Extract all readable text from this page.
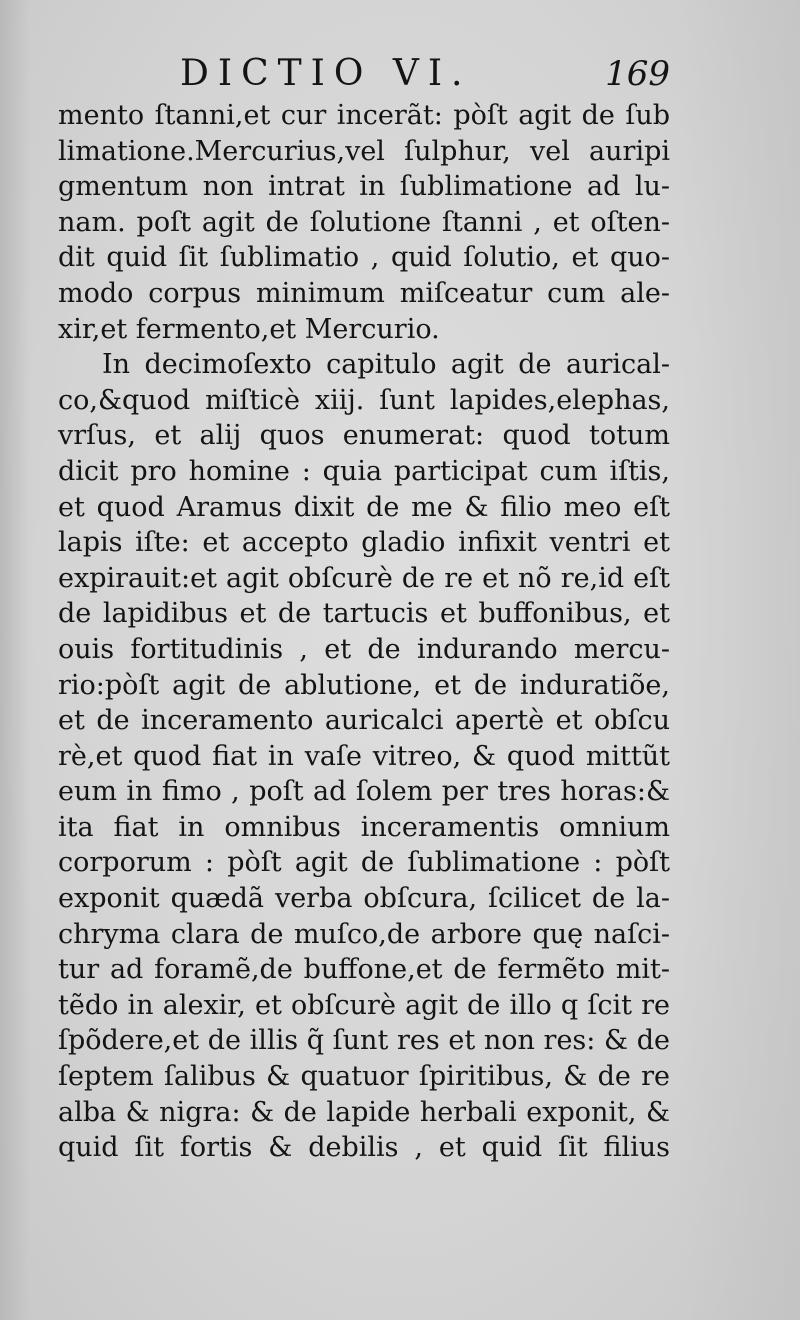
DICTIO VI.	169
mento ſtanni,et cur incerãt: pòſt agit de ſub
limatione.Mercurius,vel ſulphur, vel auripi
gmentum non intrat in ſublimatione ad lu-
nam. poſt agit de ſolutione ſtanni , et oſten-
dit quid ſit ſublimatio , quid ſolutio, et quo-
modo corpus minimum miſceatur cum ale-
xir,et fermento,et Mercurio.
In decimoſexto capitulo agit de aurical-
co,&quod miſticè xiij. ſunt lapides,elephas,
vrſus, et alij quos enumerat: quod totum
dicit pro homine : quia participat cum iſtis,
et quod Aramus dixit de me & filio meo eſt
lapis iſte: et accepto gladio infixit ventri et
expirauit:et agit obſcurè de re et nõ re,id eſt
de lapidibus et de tartucis et buffonibus, et
ouis fortitudinis , et de indurando mercu-
rio:pòſt agit de ablutione, et de induratiõe,
et de inceramento auricalci apertè et obſcu
rè,et quod fiat in vaſe vitreo, & quod mittũt
eum in fimo , poſt ad ſolem per tres horas:&
ita fiat in omnibus inceramentis omnium
corporum : pòſt agit de ſublimatione : pòſt
exponit quædã verba obſcura, ſcilicet de la-
chryma clara de muſco,de arbore quę naſci-
tur ad foramẽ,de buffone,et de fermẽto mit-
tẽdo in alexir, et obſcurè agit de illo q ſcit re
ſpõdere,et de illis q̃ ſunt res et non res: & de
ſeptem ſalibus & quatuor ſpiritibus, & de re
alba & nigra: & de lapide herbali exponit, &
quid ſit fortis & debilis , et quid ſit filius
